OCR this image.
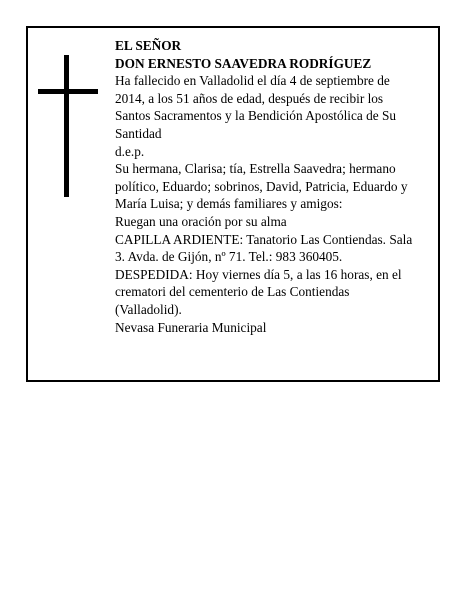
EL SEÑOR

DON ERNESTO SAAVEDRA RODRÍGUEZ

Ha fallecido en Valladolid el día 4 de septiembre de 2014, a los 51 años de edad, después de recibir los Santos Sacramentos y la Bendición Apostólica de Su Santidad

d.e.p.

Su hermana, Clarisa; tía, Estrella Saavedra; hermano político, Eduardo; sobrinos, David, Patricia, Eduardo y María Luisa; y demás familiares y amigos:

Ruegan una oración por su alma

CAPILLA ARDIENTE: Tanatorio Las Contiendas. Sala 3. Avda. de Gijón, nº 71. Tel.: 983 360405.

DESPEDIDA: Hoy viernes día 5, a las 16 horas, en el crematori del cementerio de Las Contiendas (Valladolid).

Nevasa Funeraria Municipal
